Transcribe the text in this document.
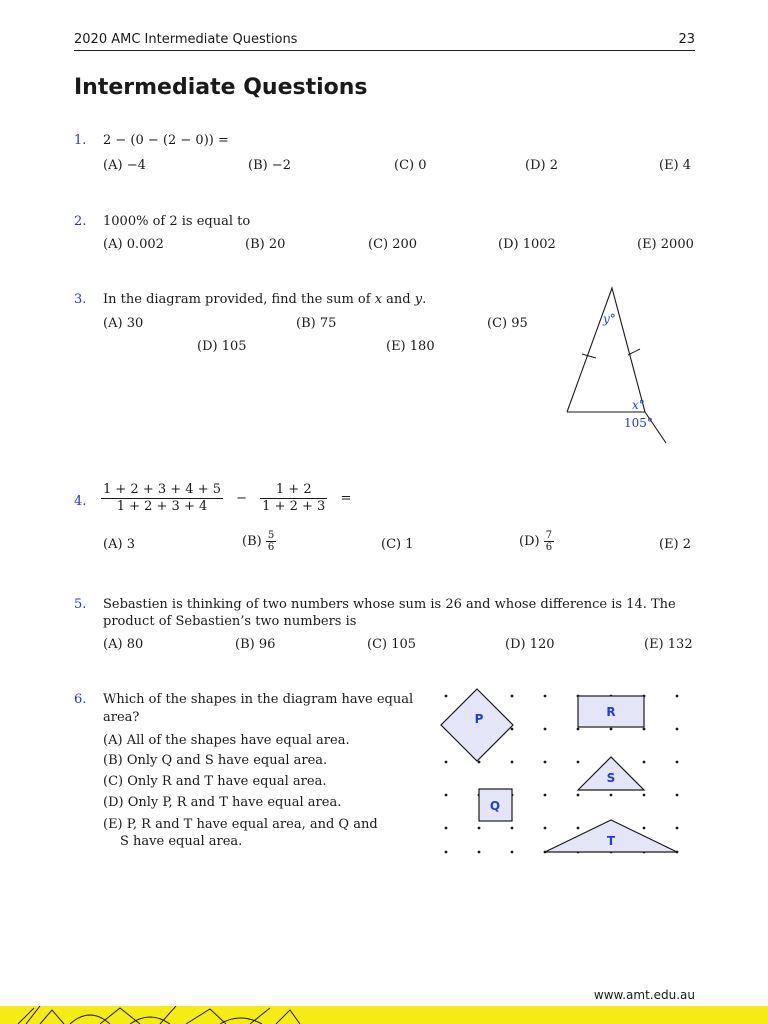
2020 AMC Intermediate Questions	23
Intermediate Questions
1. 2 − (0 − (2 − 0)) =
(A) −4	(B) −2	(C) 0	(D) 2	(E) 4
2. 1000% of 2 is equal to
(A) 0.002	(B) 20	(C) 200	(D) 1002	(E) 2000
3. In the diagram provided, find the sum of x and y.
(A) 30	(B) 75	(C) 95
(D) 105	(E) 180
y°
x°
105°
4. $\frac{1 + 2 + 3 + 4 + 5}{1 + 2 + 3 + 4} - \frac{1 + 2}{1 + 2 + 3}$ =
(A) 3	$(B) \frac{5}{6}$	(C) 1	$(D) \frac{7}{6}$	(E) 2
5. Sebastien is thinking of two numbers whose sum is 26 and whose difference is 14. The
product of Sebastien’s two numbers is
(A) 80	(B) 96	(C) 105	(D) 120	(E) 132
6. Which of the shapes in the diagram have equal
area?
(A) All of the shapes have equal area.
(B) Only Q and S have equal area.
(C) Only R and T have equal area.
(D) Only P, R and T have equal area.
(E) P, R and T have equal area, and Q and
S have equal area.
P	R
S
Q
T
www.amt.edu.au
